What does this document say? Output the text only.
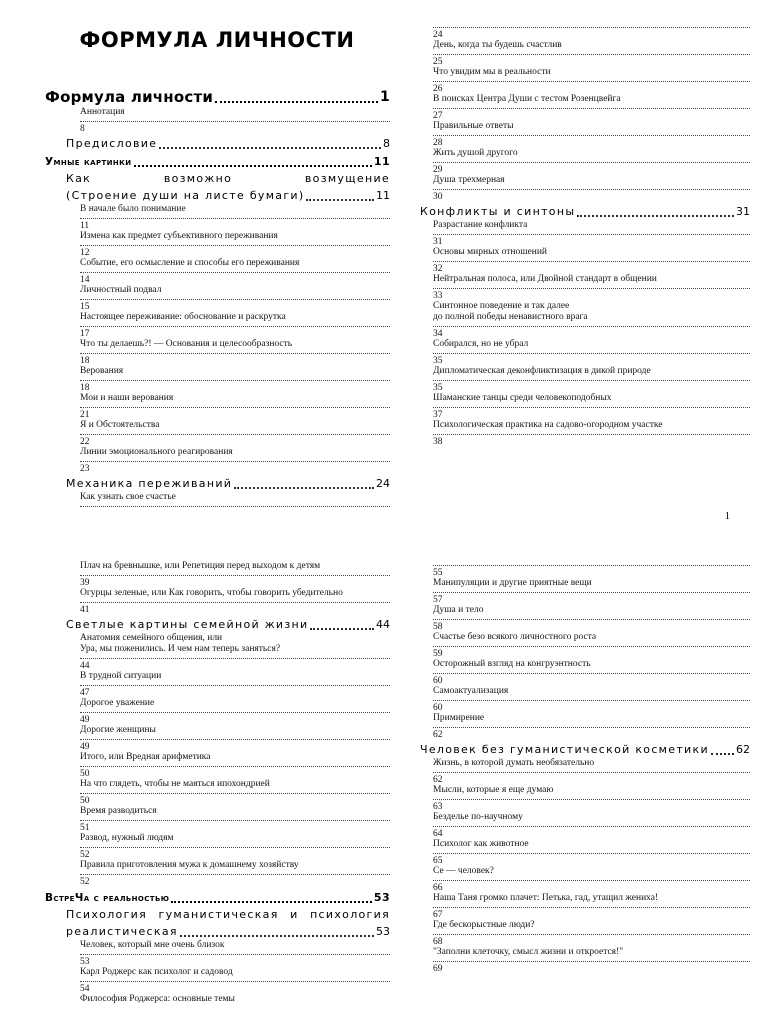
ФОРМУЛА ЛИЧНОСТИ
Формула личности	1
Аннотация
8
Предисловие	8
Умные картинки	11
Как	возможно	возмущение
(Строение души на листе бумаги)	11
В начале было понимание
11
Измена как предмет субъективного переживания
12
Событие, его осмысление и способы его переживания
14
Личностный подвал
15
Настоящее переживание: обоснование и раскрутка
17
Что ты делаешь?! — Основания и целесообразность
18
Верования
18
Мои и наши верования
21
Я и Обстоятельства
22
Линии эмоционального реагирования
23
Механика переживаний	24
Как узнать свое счастье
24
День, когда ты будешь счастлив
25
Что увидим мы в реальности
26
В поисках Центра Души с тестом Розенцвейга
27
Правильные ответы
28
Жить душой другого
29
Душа трехмерная
30
Конфликты и синтоны	31
Разрастание конфликта
31
Основы мирных отношений
32
Нейтральная полоса, или Двойной стандарт в общении
33
Синтонное поведение и так далее
до полной победы ненавистного врага
34
Собирался, но не убрал
35
Дипломатическая деконфликтизация в дикой природе
35
Шаманские танцы среди человекоподобных
37
Психологическая практика на садово-огородном участке
38
Плач на бревнышке, или Репетиция перед выходом к детям
39
Огурцы зеленые, или Как говорить, чтобы говорить убедительно
41
Светлые картины семейной жизни	44
Анатомия семейного общения, или
Ура, мы поженились. И чем нам теперь заняться?
44
В трудной ситуации
47
Дорогое уважение
49
Дорогие женщины
49
Итого, или Вредная арифметика
50
На что глядеть, чтобы не маяться ипохондрией
50
Время разводиться
51
Развод, нужный людям
52
Правила приготовления мужа к домашнему хозяйству
52
ВстреЧа с реальностью	53
Психология гуманистическая и психология
реалистическая	53
Человек, который мне очень близок
53
Карл Роджерс как психолог и садовод
54
Философия Роджерса: основные темы
55
Манипуляции и другие приятные вещи
57
Душа и тело
58
Счастье безо всякого личностного роста
59
Осторожный взгляд на конгруэнтность
60
Самоактуализация
60
Примирение
62
Человек без гуманистической косметики 62
Жизнь, в которой думать необязательно
62
Мысли, которые я еще думаю
63
Безделье по-научному
64
Психолог как животное
65
Се — человек?
66
Наша Таня громко плачет: Петька, гад, утащил жениха!
67
Где бескорыстные люди?
68
"Заполни клеточку, смысл жизни и откроется!"
69
1
